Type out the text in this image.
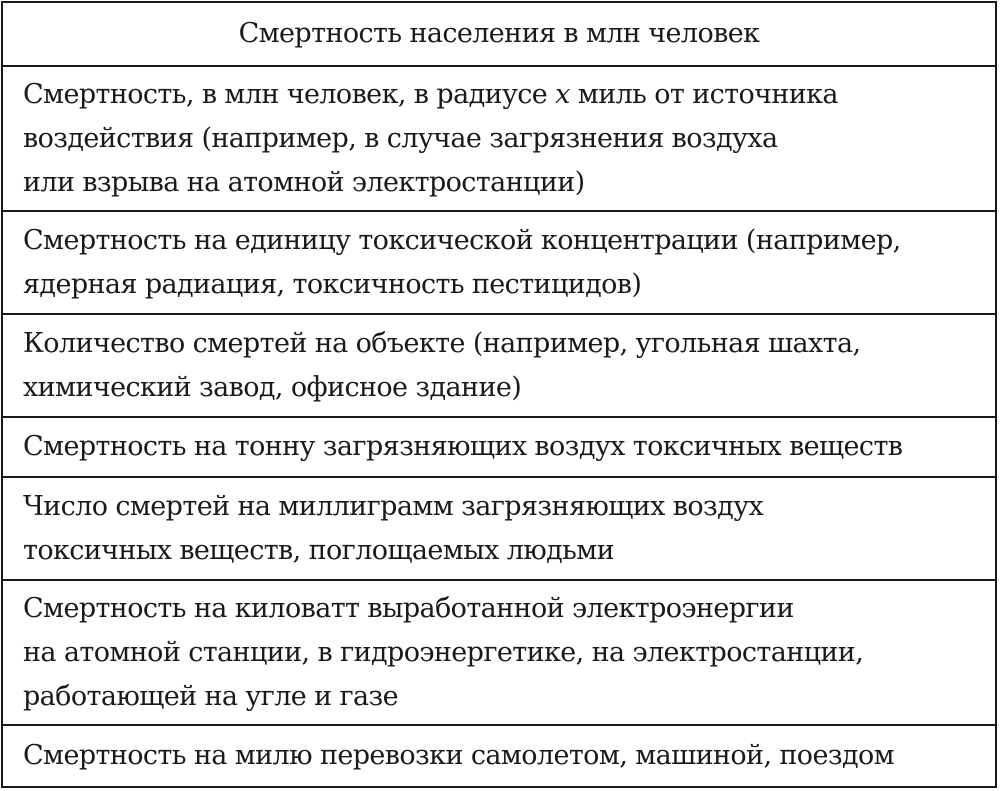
Смертность населения в млн человек
Смертность, в млн человек, в радиусе x миль от источника
воздействия (например, в случае загрязнения воздуха
или взрыва на атомной электростанции)
Смертность на единицу токсической концентрации (например,
ядерная радиация, токсичность пестицидов)
Количество смертей на объекте (например, угольная шахта,
химический завод, офисное здание)
Смертность на тонну загрязняющих воздух токсичных веществ
Число смертей на миллиграмм загрязняющих воздух
токсичных веществ, поглощаемых людьми
Смертность на киловатт выработанной электроэнергии
на атомной станции, в гидроэнергетике, на электростанции,
работающей на угле и газе
Смертность на милю перевозки самолетом, машиной, поездом
